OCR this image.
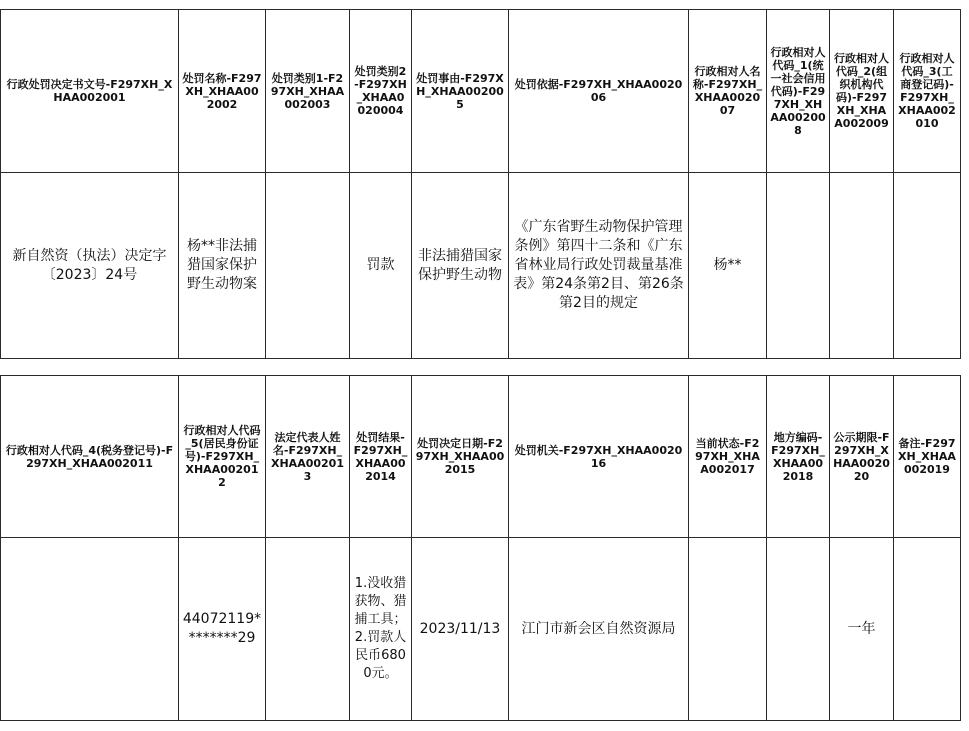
行政处罚决定书文号-F297XH_XHAA002001	处罚名称-F297XH_XHAA002002	处罚类别1-F297XH_XHAA002003	处罚类别2-F297XH_XHAA0020004	处罚事由-F297XH_XHAA002005	处罚依据-F297XH_XHAA002006	行政相对人名称-F297XH_XHAA002007	行政相对人代码_1(统一社会信用代码)-F297XH_XHAA002008	行政相对人代码_2(组织机构代码)-F297XH_XHAA002009	行政相对人代码_3(工商登记码)-F297XH_XHAA002010
新自然资（执法）决定字〔2023〕24号	杨**非法捕猎国家保护野生动物案		罚款	非法捕猎国家保护野生动物	《广东省野生动物保护管理条例》第四十二条和《广东省林业局行政处罚裁量基准表》第24条第2目、第26条第2目的规定	杨**			
行政相对人代码_4(税务登记号)-F297XH_XHAA002011	行政相对人代码_5(居民身份证号)-F297XH_XHAA002012	法定代表人姓名-F297XH_XHAA002013	处罚结果-F297XH_XHAA002014	处罚决定日期-F297XH_XHAA002015	处罚机关-F297XH_XHAA002016	当前状态-F297XH_XHAA002017	地方编码-F297XH_XHAA002018	公示期限-F297XH_XHAA002020	备注-F297XH_XHAA002019
	44072119********29		1.没收猎获物、猎捕工具；2.罚款人民币6800元。	2023/11/13	江门市新会区自然资源局			一年	
